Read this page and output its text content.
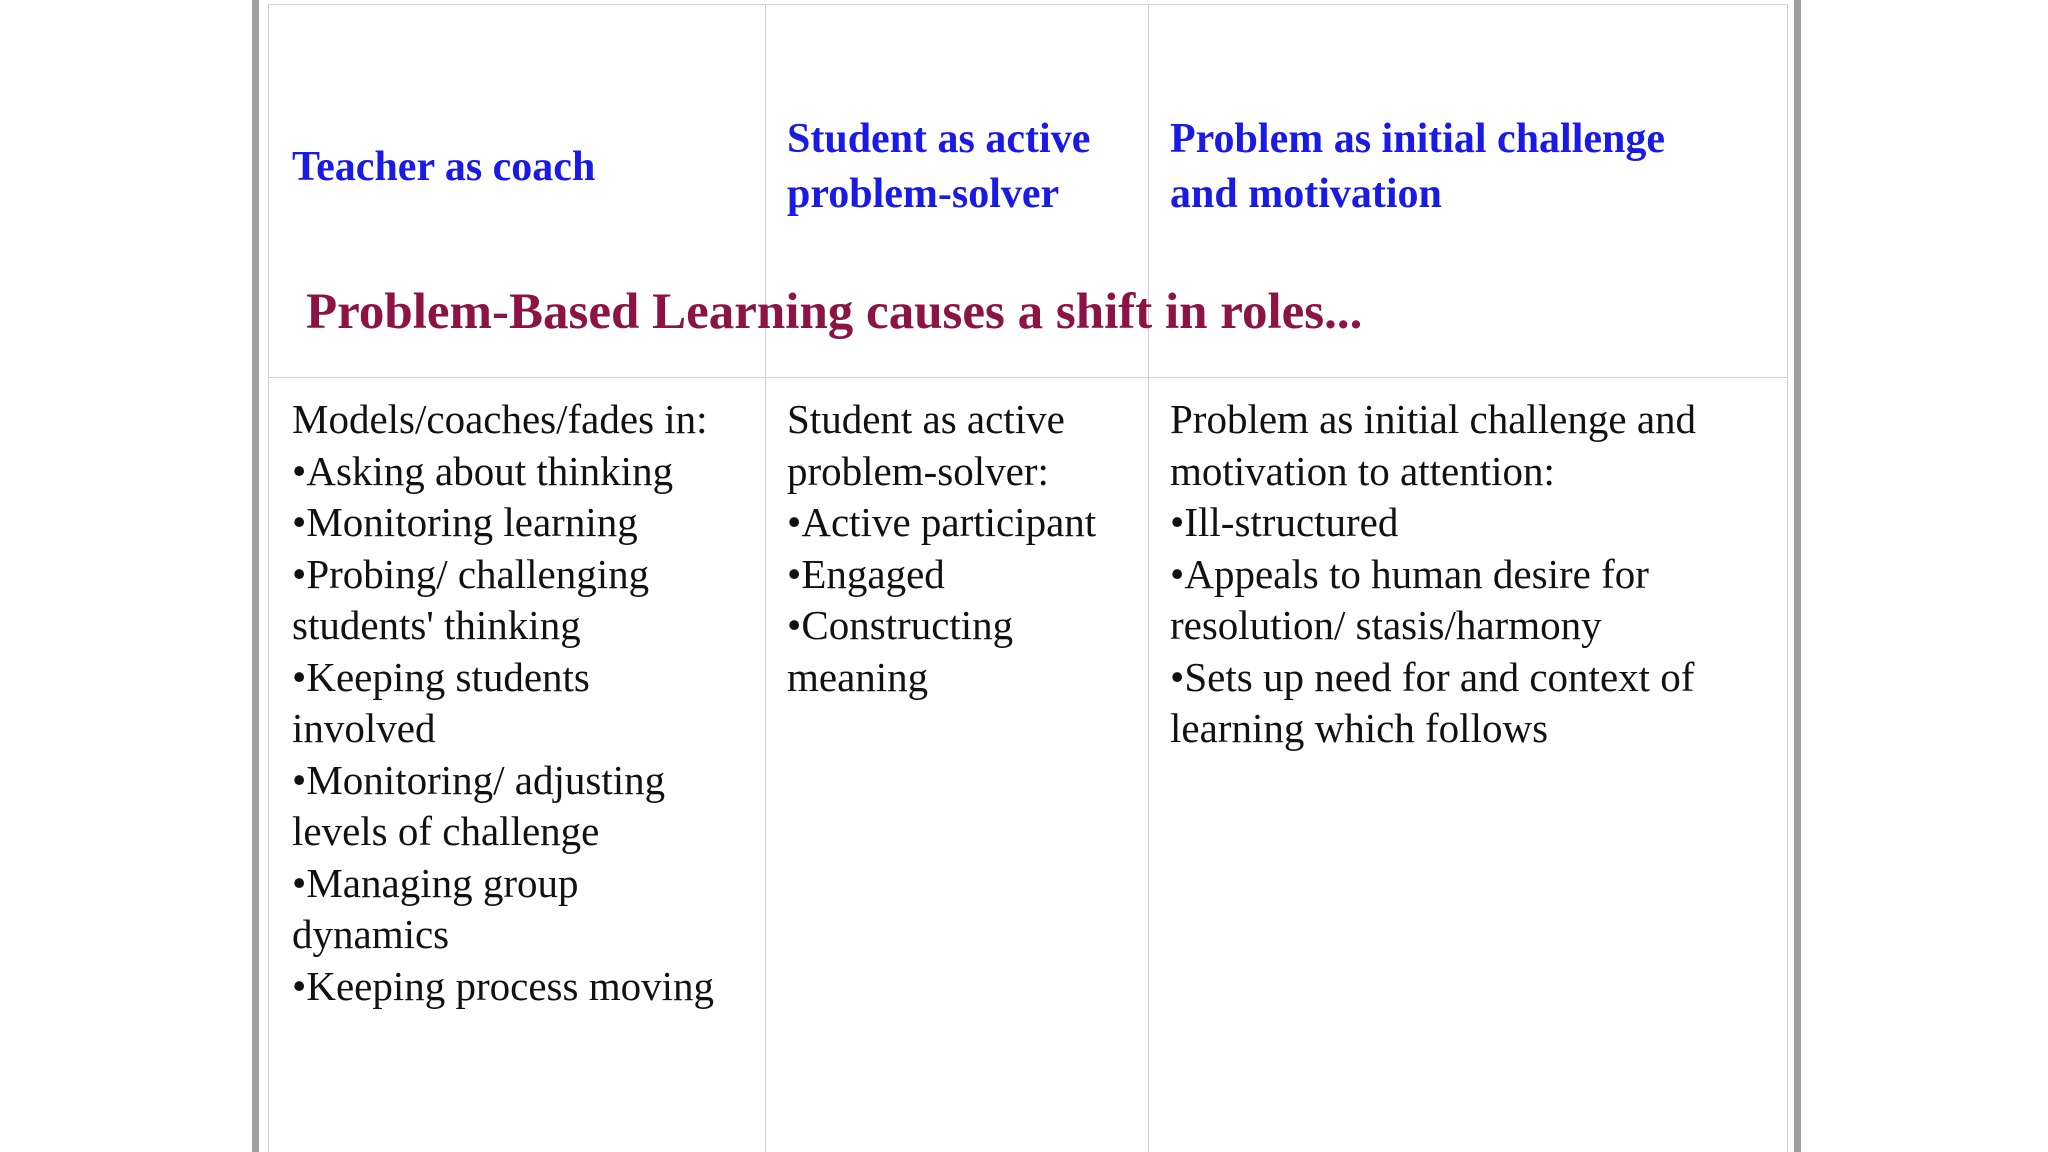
Teacher as coach
Student as active
problem-solver
Problem as initial challenge
and motivation
Models/coaches/fades in:
•Asking about thinking
•Monitoring learning
•Probing/ challenging
students' thinking
•Keeping students
involved
•Monitoring/ adjusting
levels of challenge
•Managing group
dynamics
•Keeping process moving
Student as active
problem-solver:
•Active participant
•Engaged
•Constructing
meaning
Problem as initial challenge and
motivation to attention:
•Ill-structured
•Appeals to human desire for
resolution/ stasis/harmony
•Sets up need for and context of
learning which follows
Problem-Based Learning causes a shift in roles...
